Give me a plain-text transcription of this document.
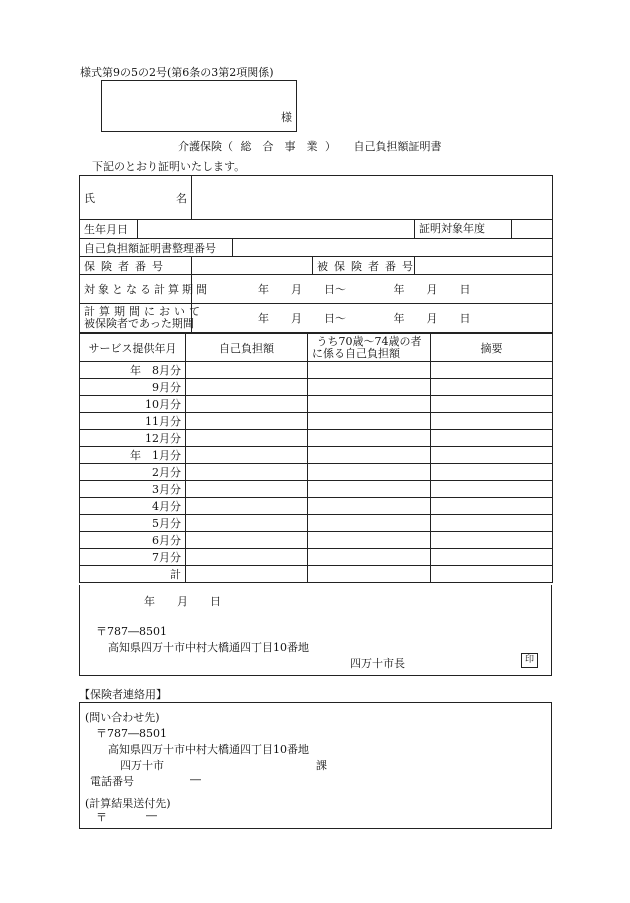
様式第9の5の2号(第6条の3第2項関係)
様
介護保険（ 総　合　事　業 ） 自己負担額証明書
下記のとおり証明いたします。
氏 名					

生年月日					証明対象年度

自己負担額証明書整理番号					
保険者番号				被保険者番号	
対象となる計算期間		年　　月　　日〜 年　　月　　日			

計算期間において
被保険者であった期間		年　　月　　日〜 年　　月　　日			
サービス提供年月	自己負担額	うち70歳〜74歳の者
に係る自己負担額	摘要
年　8月分			
9月分			
10月分			
11月分			
12月分			
年　1月分			
2月分			
3月分			
4月分			
5月分			
6月分			
7月分			
計			
年　　月　　日
〒787―8501
高知県四万十市中村大橋通四丁目10番地
四万十市長	印
【保険者連絡用】
(問い合わせ先)
〒787―8501
高知県四万十市中村大橋通四丁目10番地
四万十市	課
電話番号	―
(計算結果送付先)
〒	―
